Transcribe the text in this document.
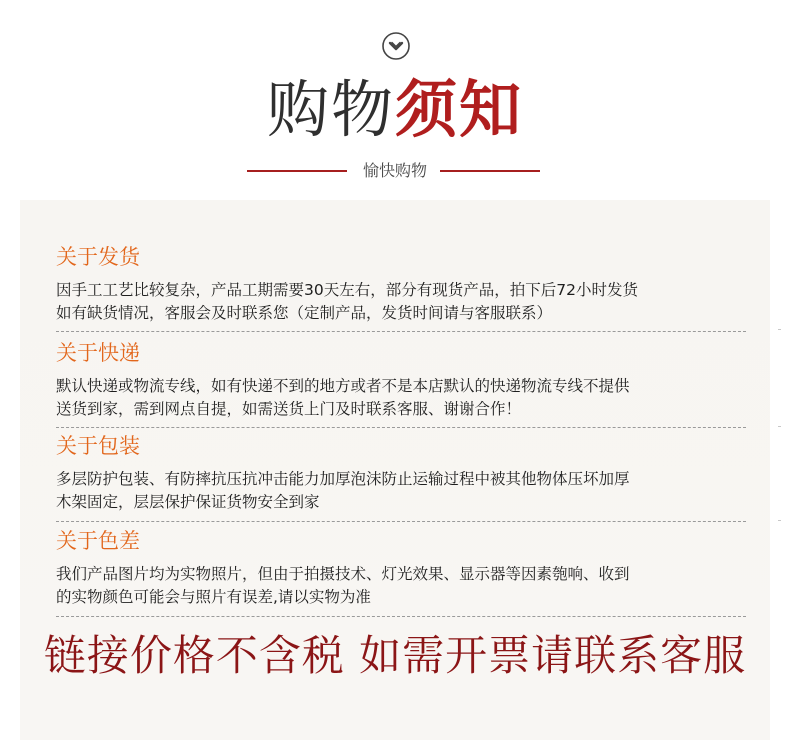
购物须知
愉快购物
关于发货
因手工工艺比较复杂，产品工期需要30天左右，部分有现货产品，拍下后72小时发货
如有缺货情况，客服会及时联系您（定制产品，发货时间请与客服联系）
关于快递
默认快递或物流专线，如有快递不到的地方或者不是本店默认的快递物流专线不提供
送货到家，需到网点自提，如需送货上门及时联系客服、谢谢合作！
关于包装
多层防护包装、有防摔抗压抗冲击能力加厚泡沫防止运输过程中被其他物体压坏加厚
木架固定，层层保护保证货物安全到家
关于色差
我们产品图片均为实物照片，但由于拍摄技术、灯光效果、显示器等因素匏响、收到
的实物颜色可能会与照片有误差,请以实物为准
链接价格不含税 如需开票请联系客服
